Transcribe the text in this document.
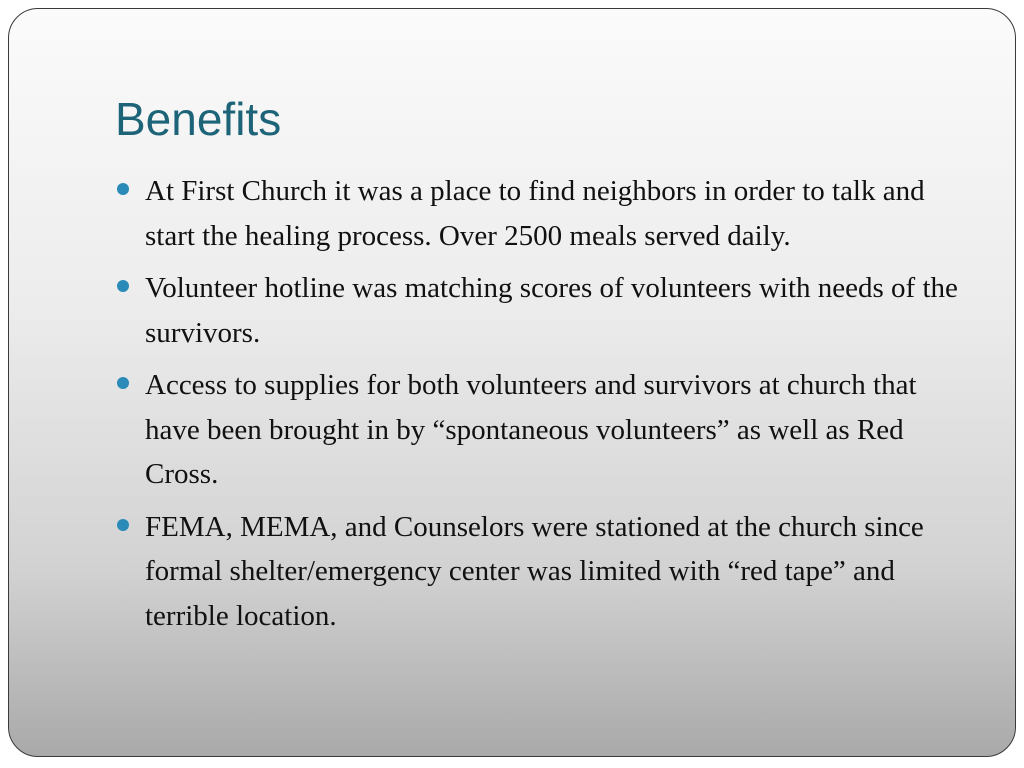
Benefits
At First Church it was a place to find neighbors in order to talk and start the healing process. Over 2500 meals served daily.
Volunteer hotline was matching scores of volunteers with needs of the survivors.
Access to supplies for both volunteers and survivors at church that have been brought in by “spontaneous volunteers” as well as Red Cross.
FEMA, MEMA, and Counselors were stationed at the church since formal shelter/emergency center was limited with “red tape” and terrible location.
